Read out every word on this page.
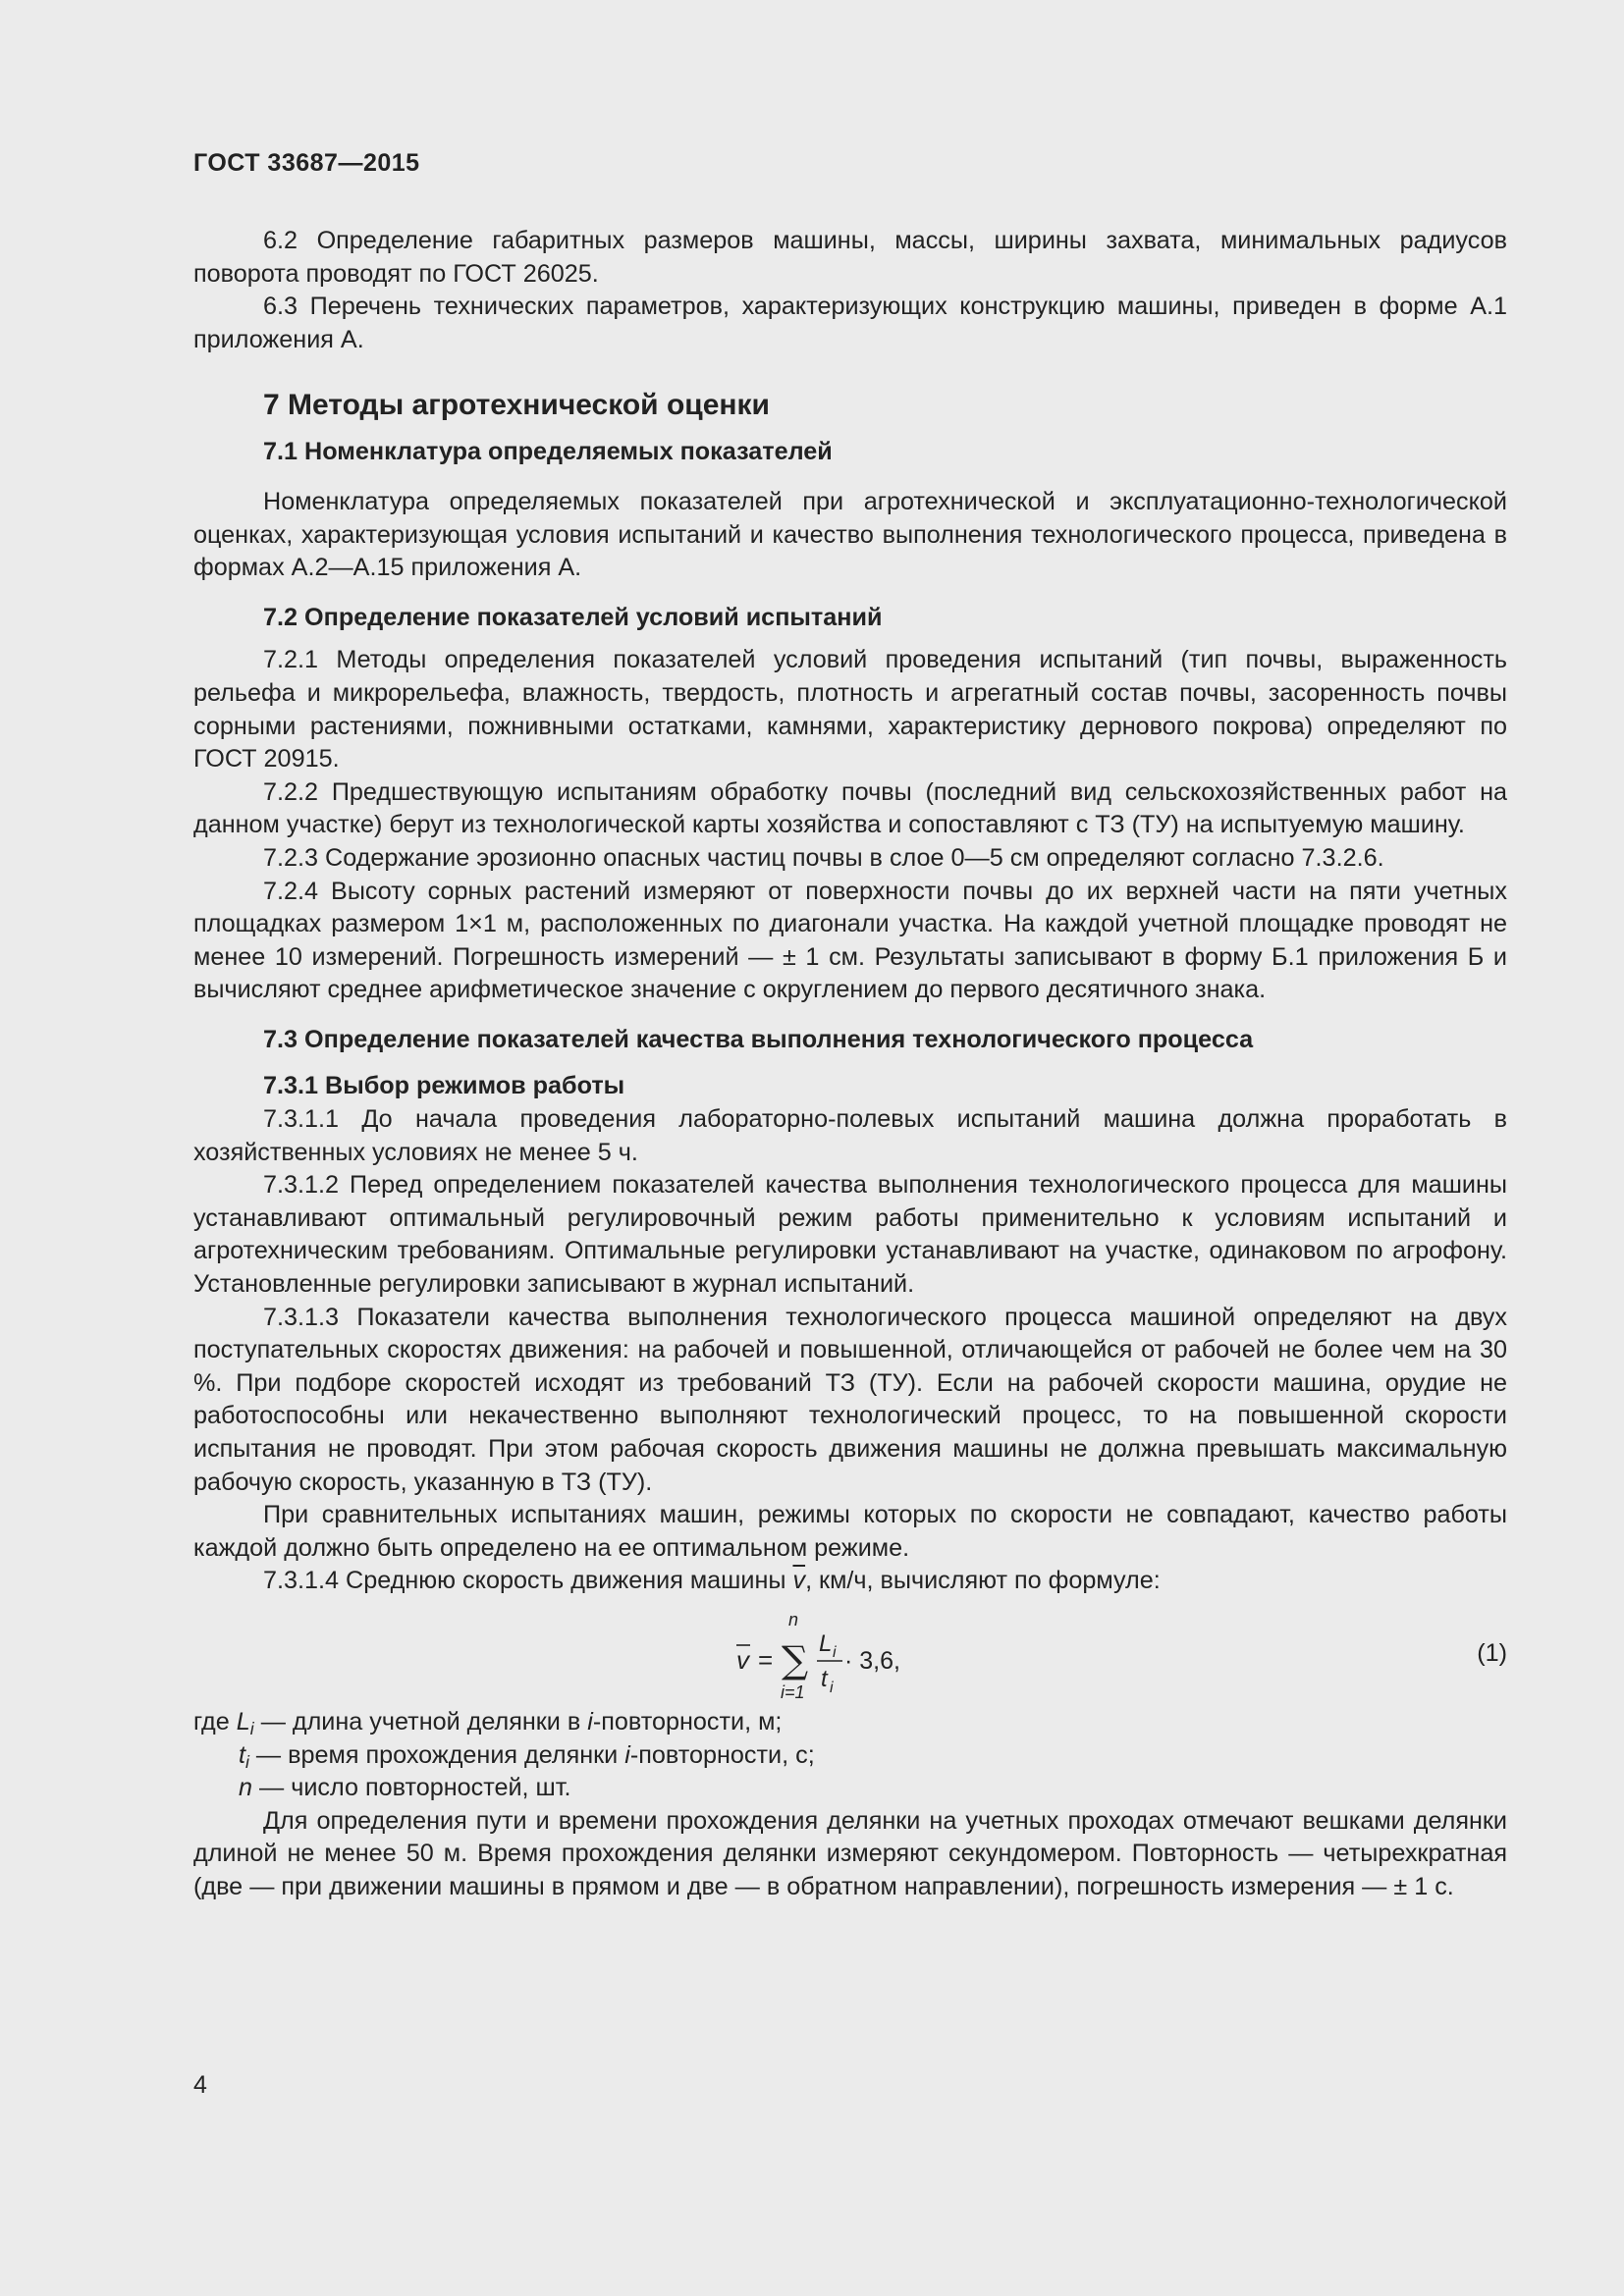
ГОСТ 33687—2015

6.2 Определение габаритных размеров машины, массы, ширины захвата, минимальных радиусов поворота проводят по ГОСТ 26025.

6.3 Перечень технических параметров, характеризующих конструкцию машины, приведен в форме А.1 приложения А.

7 Методы агротехнической оценки

7.1 Номенклатура определяемых показателей

Номенклатура определяемых показателей при агротехнической и эксплуатационно-технологической оценках, характеризующая условия испытаний и качество выполнения технологического процесса, приведена в формах А.2—А.15 приложения А.

7.2 Определение показателей условий испытаний

7.2.1 Методы определения показателей условий проведения испытаний (тип почвы, выраженность рельефа и микрорельефа, влажность, твердость, плотность и агрегатный состав почвы, засоренность почвы сорными растениями, пожнивными остатками, камнями, характеристику дернового покрова) определяют по ГОСТ 20915.

7.2.2 Предшествующую испытаниям обработку почвы (последний вид сельскохозяйственных работ на данном участке) берут из технологической карты хозяйства и сопоставляют с ТЗ (ТУ) на испытуемую машину.

7.2.3 Содержание эрозионно опасных частиц почвы в слое 0—5 см определяют согласно 7.3.2.6.

7.2.4 Высоту сорных растений измеряют от поверхности почвы до их верхней части на пяти учетных площадках размером 1×1 м, расположенных по диагонали участка. На каждой учетной площадке проводят не менее 10 измерений. Погрешность измерений — ± 1 см. Результаты записывают в форму Б.1 приложения Б и вычисляют среднее арифметическое значение с округлением до первого десятичного знака.

7.3 Определение показателей качества выполнения технологического процесса

7.3.1 Выбор режимов работы

7.3.1.1 До начала проведения лабораторно-полевых испытаний машина должна проработать в хозяйственных условиях не менее 5 ч.

7.3.1.2 Перед определением показателей качества выполнения технологического процесса для машины устанавливают оптимальный регулировочный режим работы применительно к условиям испытаний и агротехническим требованиям. Оптимальные регулировки устанавливают на участке, одинаковом по агрофону. Установленные регулировки записывают в журнал испытаний.

7.3.1.3 Показатели качества выполнения технологического процесса машиной определяют на двух поступательных скоростях движения: на рабочей и повышенной, отличающейся от рабочей не более чем на 30 %. При подборе скоростей исходят из требований ТЗ (ТУ). Если на рабочей скорости машина, орудие не работоспособны или некачественно выполняют технологический процесс, то на повышенной скорости испытания не проводят. При этом рабочая скорость движения машины не должна превышать максимальную рабочую скорость, указанную в ТЗ (ТУ).

При сравнительных испытаниях машин, режимы которых по скорости не совпадают, качество работы каждой должно быть определено на ее оптимальном режиме.

7.3.1.4 Среднюю скорость движения машины $\overline{v}$, км/ч, вычисляют по формуле:

v =
n
∑
i=1
L i
t i
· 3,6,	(1)

где $L_i$ — длина учетной делянки в i-повторности, м;

$t_i$ — время прохождения делянки i-повторности, с;

n — число повторностей, шт.

Для определения пути и времени прохождения делянки на учетных проходах отмечают вешками делянки длиной не менее 50 м. Время прохождения делянки измеряют секундомером. Повторность — четырехкратная (две — при движении машины в прямом и две — в обратном направлении), погрешность измерения — ± 1 с.

4
